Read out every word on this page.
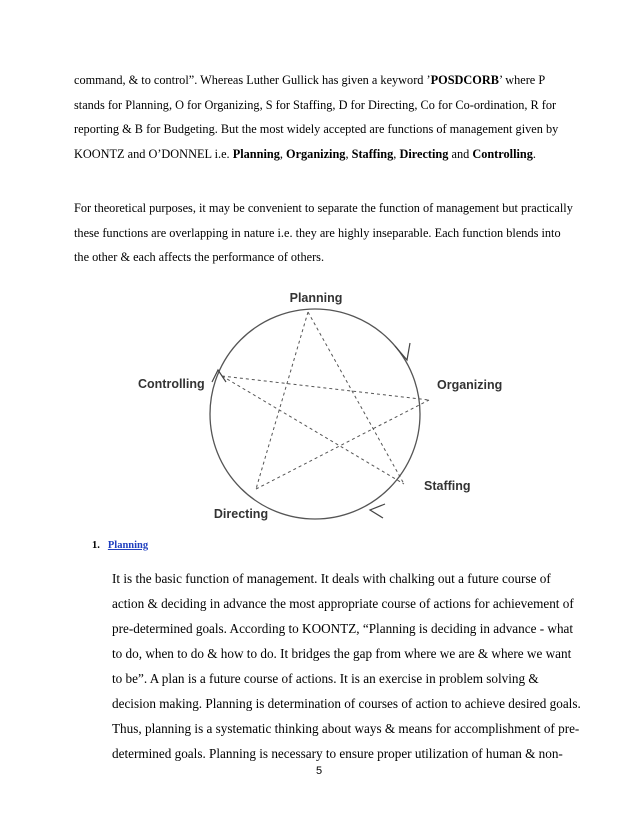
command, & to control”. Whereas Luther Gullick has given a keyword ’POSDCORB’ where P stands for Planning, O for Organizing, S for Staffing, D for Directing, Co for Co-ordination, R for reporting & B for Budgeting. But the most widely accepted are functions of management given by KOONTZ and O’DONNEL i.e. Planning, Organizing, Staffing, Directing and Controlling.
For theoretical purposes, it may be convenient to separate the function of management but practically these functions are overlapping in nature i.e. they are highly inseparable. Each function blends into the other & each affects the performance of others.
Planning
Organizing
Staffing
Directing
Controlling
1. Planning
It is the basic function of management. It deals with chalking out a future course of action & deciding in advance the most appropriate course of actions for achievement of pre-determined goals. According to KOONTZ, “Planning is deciding in advance - what to do, when to do & how to do. It bridges the gap from where we are & where we want to be”. A plan is a future course of actions. It is an exercise in problem solving & decision making. Planning is determination of courses of action to achieve desired goals. Thus, planning is a systematic thinking about ways & means for accomplishment of pre-determined goals. Planning is necessary to ensure proper utilization of human & non-
5
